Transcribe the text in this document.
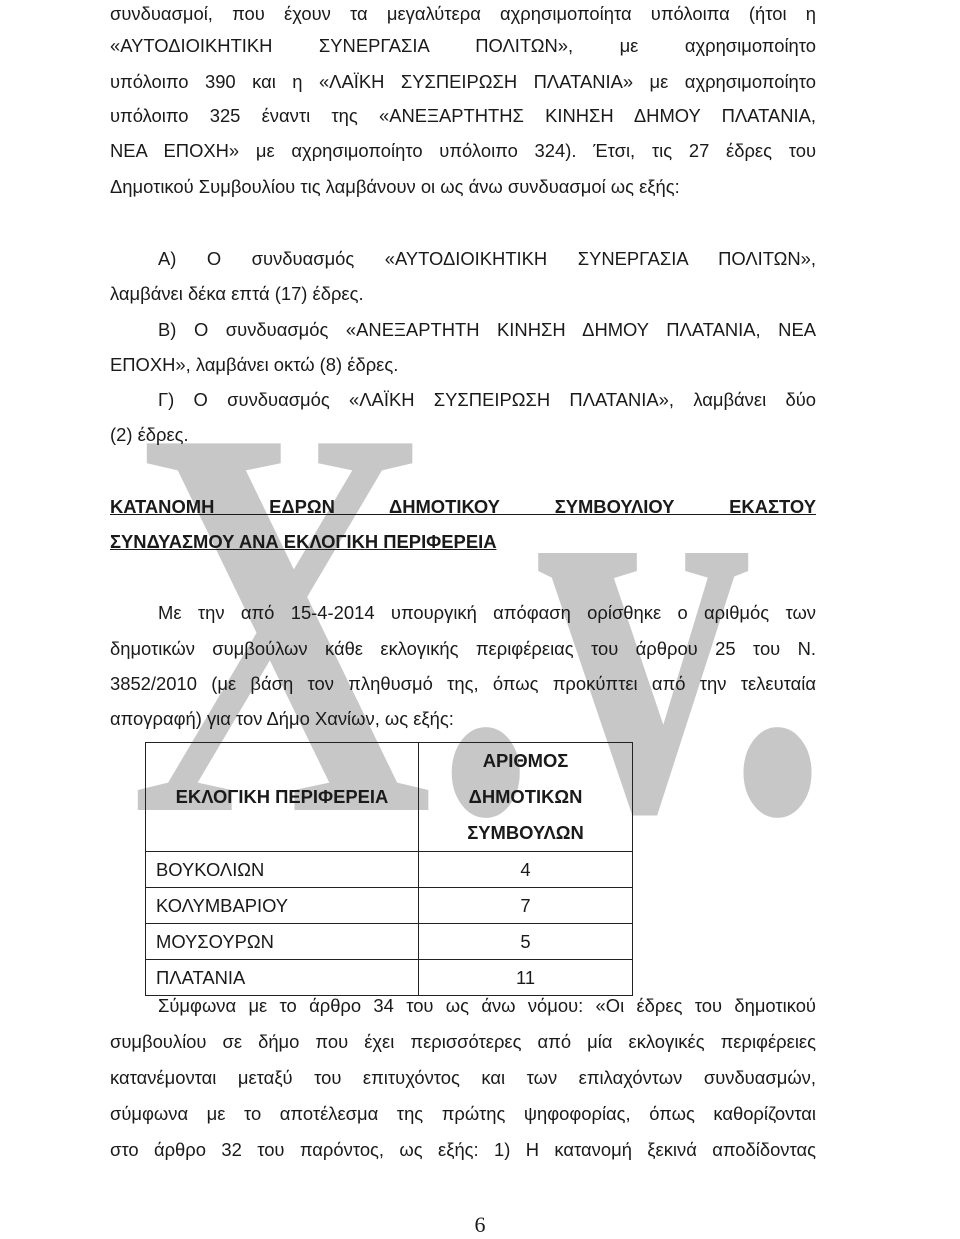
X.v.
συνδυασμοί, που έχουν τα μεγαλύτερα αχρησιμοποίητα υπόλοιπα (ήτοι η
«ΑΥΤΟΔΙΟΙΚΗΤΙΚΗ ΣΥΝΕΡΓΑΣΙΑ ΠΟΛΙΤΩΝ», με αχρησιμοποίητο
υπόλοιπο 390 και η «ΛΑΪΚΗ ΣΥΣΠΕΙΡΩΣΗ ΠΛΑΤΑΝΙΑ» με αχρησιμοποίητο
υπόλοιπο 325 έναντι της «ΑΝΕΞΑΡΤΗΤΗΣ ΚΙΝΗΣΗ ΔΗΜΟΥ ΠΛΑΤΑΝΙΑ,
ΝΕΑ ΕΠΟΧΗ» με αχρησιμοποίητο υπόλοιπο 324). Έτσι, τις 27 έδρες του
Δημοτικού Συμβουλίου τις λαμβάνουν οι ως άνω συνδυασμοί ως εξής:
Α) Ο συνδυασμός «ΑΥΤΟΔΙΟΙΚΗΤΙΚΗ ΣΥΝΕΡΓΑΣΙΑ ΠΟΛΙΤΩΝ»,
λαμβάνει δέκα επτά (17) έδρες.
Β) Ο συνδυασμός «ΑΝΕΞΑΡΤΗΤΗ ΚΙΝΗΣΗ ΔΗΜΟΥ ΠΛΑΤΑΝΙΑ, ΝΕΑ
ΕΠΟΧΗ», λαμβάνει οκτώ (8) έδρες.
Γ) Ο συνδυασμός «ΛΑΪΚΗ ΣΥΣΠΕΙΡΩΣΗ ΠΛΑΤΑΝΙΑ», λαμβάνει δύο
(2) έδρες.
ΚΑΤΑΝΟΜΗ ΕΔΡΩΝ ΔΗΜΟΤΙΚΟΥ ΣΥΜΒΟΥΛΙΟΥ ΕΚΑΣΤΟΥ
ΣΥΝΔΥΑΣΜΟΥ ΑΝΑ ΕΚΛΟΓΙΚΗ ΠΕΡΙΦΕΡΕΙΑ
Με την από 15-4-2014 υπουργική απόφαση ορίσθηκε ο αριθμός των
δημοτικών συμβούλων κάθε εκλογικής περιφέρειας του άρθρου 25 του Ν.
3852/2010 (με βάση τον πληθυσμό της, όπως προκύπτει από την τελευταία
απογραφή) για τον Δήμο Χανίων, ως εξής:
Σύμφωνα με το άρθρο 34 του ως άνω νόμου: «Οι έδρες του δημοτικού
συμβουλίου σε δήμο που έχει περισσότερες από μία εκλογικές περιφέρειες
κατανέμονται μεταξύ του επιτυχόντος και των επιλαχόντων συνδυασμών,
σύμφωνα με το αποτέλεσμα της πρώτης ψηφοφορίας, όπως καθορίζονται
στο άρθρο 32 του παρόντος, ως εξής: 1) Η κατανομή ξεκινά αποδίδοντας
ΕΚΛΟΓΙΚΗ ΠΕΡΙΦΕΡΕΙΑ	ΑΡΙΘΜΟΣ ΔΗΜΟΤΙΚΩΝ
ΣΥΜΒΟΥΛΩΝ

ΒΟΥΚΟΛΙΩΝ	4
ΚΟΛΥΜΒΑΡΙΟΥ	7
ΜΟΥΣΟΥΡΩΝ	5
ΠΛΑΤΑΝΙΑ	11
6
